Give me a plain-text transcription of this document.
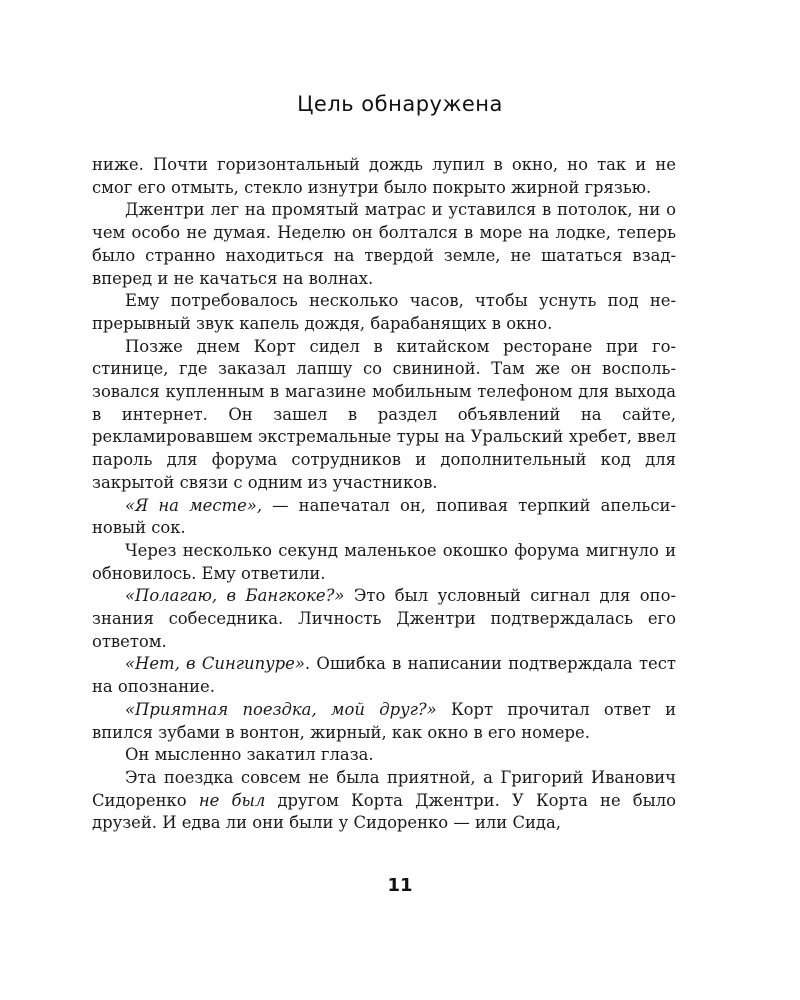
Цель обнаружена

ниже. Почти горизонтальный дождь лупил в окно, но так и не смог его отмыть, стекло изнутри было покрыто жирной грязью.

Джентри лег на промятый матрас и уставился в потолок, ни о чем особо не думая. Неделю он болтался в море на лодке, теперь было странно находиться на твердой земле, не шататься взад-вперед и не качаться на волнах.

Ему потребовалось несколько часов, чтобы уснуть под непрерывный звук капель дождя, барабанящих в окно.

Позже днем Корт сидел в китайском ресторане при гостинице, где заказал лапшу со свининой. Там же он воспользовался купленным в магазине мобильным телефоном для выхода в интернет. Он зашел в раздел объявлений на сайте, рекламировавшем экстремальные туры на Уральский хребет, ввел пароль для форума сотрудников и дополнительный код для закрытой связи с одним из участников.

«Я на месте», — напечатал он, попивая терпкий апельсиновый сок.

Через несколько секунд маленькое окошко форума мигнуло и обновилось. Ему ответили.

«Полагаю, в Бангкоке?» Это был условный сигнал для опознания собеседника. Личность Джентри подтверждалась его ответом.

«Нет, в Сингипуре». Ошибка в написании подтверждала тест на опознание.

«Приятная поездка, мой друг?» Корт прочитал ответ и впился зубами в вонтон, жирный, как окно в его номере.

Он мысленно закатил глаза.

Эта поездка совсем не была приятной, а Григорий Иванович Сидоренко не был другом Корта Джентри. У Корта не было друзей. И едва ли они были у Сидоренко — или Сида,

11
